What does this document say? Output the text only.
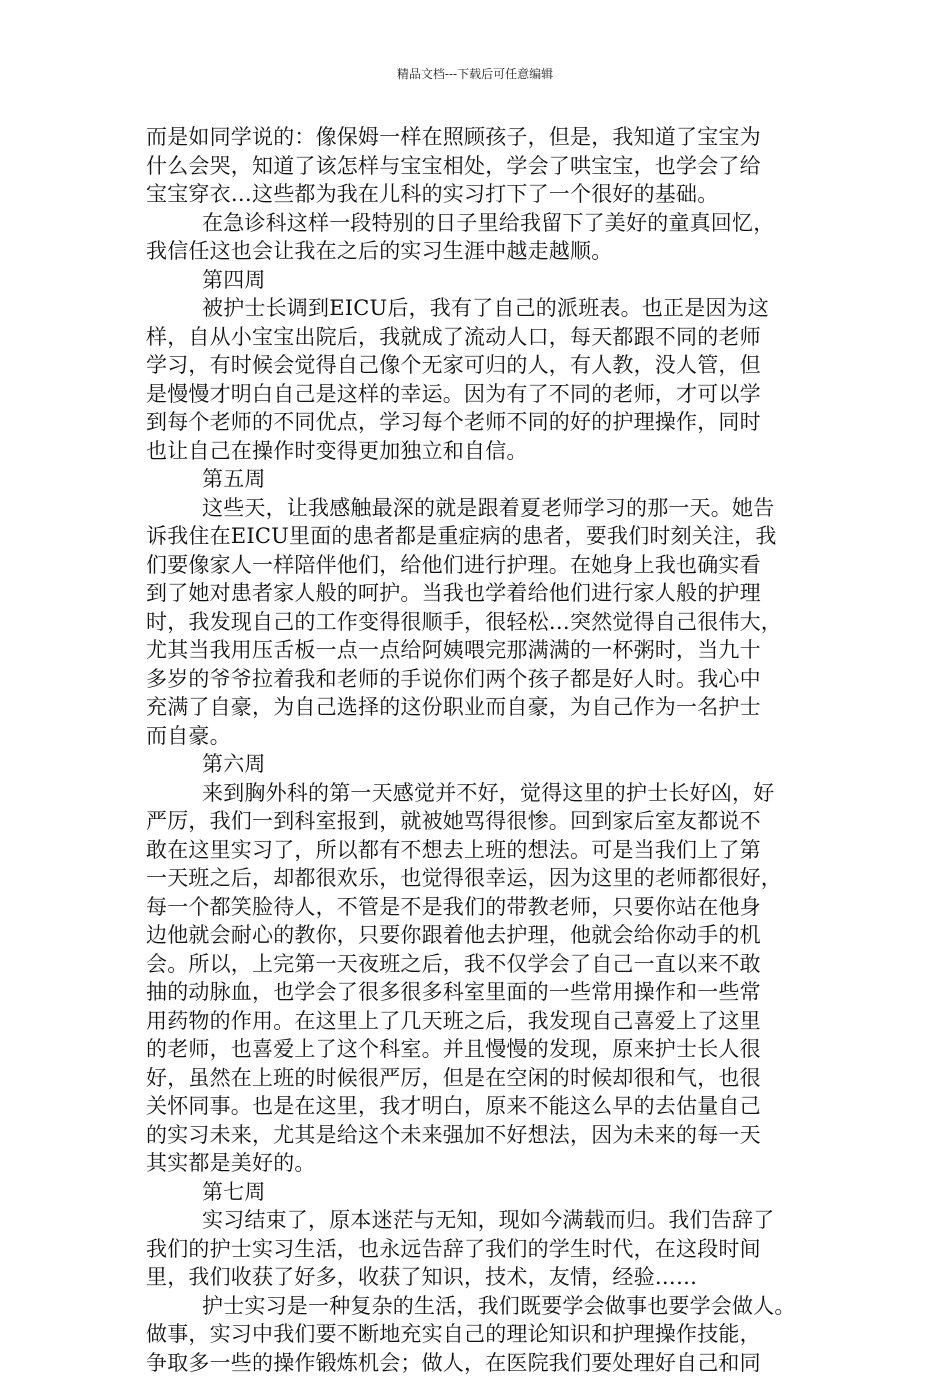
精品文档---下载后可任意编辑
而是如同学说的：像保姆一样在照顾孩子，但是，我知道了宝宝为
什么会哭，知道了该怎样与宝宝相处，学会了哄宝宝，也学会了给
宝宝穿衣…这些都为我在儿科的实习打下了一个很好的基础。
在急诊科这样一段特别的日子里给我留下了美好的童真回忆，
我信任这也会让我在之后的实习生涯中越走越顺。
第四周
被护士长调到EICU后，我有了自己的派班表。也正是因为这
样，自从小宝宝出院后，我就成了流动人口，每天都跟不同的老师
学习，有时候会觉得自己像个无家可归的人，有人教，没人管，但
是慢慢才明白自己是这样的幸运。因为有了不同的老师，才可以学
到每个老师的不同优点，学习每个老师不同的好的护理操作，同时
也让自己在操作时变得更加独立和自信。
第五周
这些天，让我感触最深的就是跟着夏老师学习的那一天。她告
诉我住在EICU里面的患者都是重症病的患者，要我们时刻关注，我
们要像家人一样陪伴他们，给他们进行护理。在她身上我也确实看
到了她对患者家人般的呵护。当我也学着给他们进行家人般的护理
时，我发现自己的工作变得很顺手，很轻松…突然觉得自己很伟大，
尤其当我用压舌板一点一点给阿姨喂完那满满的一杯粥时，当九十
多岁的爷爷拉着我和老师的手说你们两个孩子都是好人时。我心中
充满了自豪，为自己选择的这份职业而自豪，为自己作为一名护士
而自豪。
第六周
来到胸外科的第一天感觉并不好，觉得这里的护士长好凶，好
严厉，我们一到科室报到，就被她骂得很惨。回到家后室友都说不
敢在这里实习了，所以都有不想去上班的想法。可是当我们上了第
一天班之后，却都很欢乐，也觉得很幸运，因为这里的老师都很好，
每一个都笑脸待人，不管是不是我们的带教老师，只要你站在他身
边他就会耐心的教你，只要你跟着他去护理，他就会给你动手的机
会。所以，上完第一天夜班之后，我不仅学会了自己一直以来不敢
抽的动脉血，也学会了很多很多科室里面的一些常用操作和一些常
用药物的作用。在这里上了几天班之后，我发现自己喜爱上了这里
的老师，也喜爱上了这个科室。并且慢慢的发现，原来护士长人很
好，虽然在上班的时候很严厉，但是在空闲的时候却很和气，也很
关怀同事。也是在这里，我才明白，原来不能这么早的去估量自己
的实习未来，尤其是给这个未来强加不好想法，因为未来的每一天
其实都是美好的。
第七周
实习结束了，原本迷茫与无知，现如今满载而归。我们告辞了
我们的护士实习生活，也永远告辞了我们的学生时代，在这段时间
里，我们收获了好多，收获了知识，技术，友情，经验……
护士实习是一种复杂的生活，我们既要学会做事也要学会做人。
做事，实习中我们要不断地充实自己的理论知识和护理操作技能，
争取多一些的操作锻炼机会；做人，在医院我们要处理好自己和同
